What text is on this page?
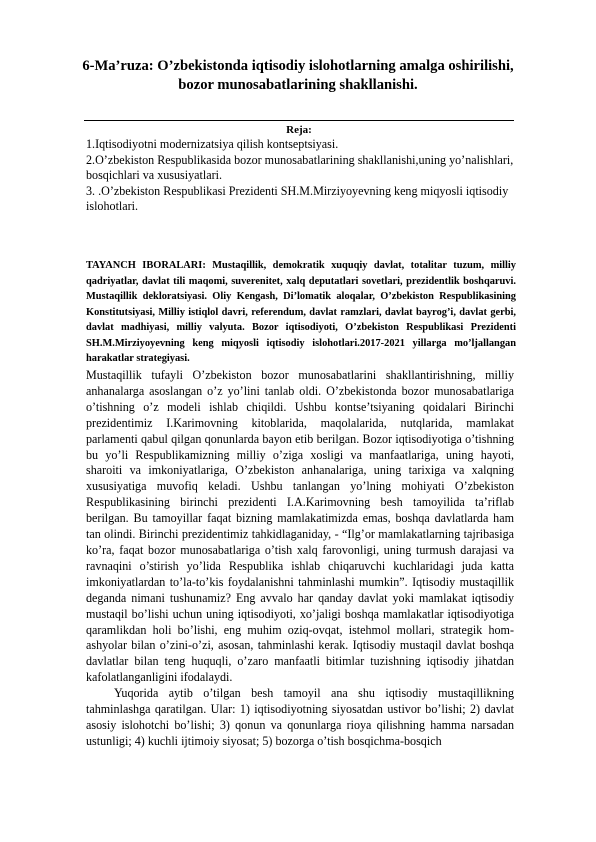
6-Ma’ruza: O’zbekistonda iqtisodiy islohotlarning amalga oshirilishi, bozor munosabatlarining shakllanishi.
Reja:

1.Iqtisodiyotni modernizatsiya qilish kontseptsiyasi.

2.O’zbekiston Respublikasida bozor munosabatlarining shakllanishi,uning yo’nalishlari, bosqichlari va xususiyatlari.

3. .O’zbekiston Respublikasi Prezidenti SH.M.Mirziyoyevning keng miqyosli iqtisodiy islohotlari.

TAYANCH IBORALARI: Mustaqillik, demokratik xuquqiy davlat, totalitar tuzum, milliy qadriyatlar, davlat tili maqomi, suverenitet, xalq deputatlari sovetlari, prezidentlik boshqaruvi. Mustaqillik dekloratsiyasi. Oliy Kengash, Di’lomatik aloqalar, O’zbekiston Respublikasining Konstitutsiyasi, Milliy istiqlol davri, referendum, davlat ramzlari, davlat bayrog’i, davlat gerbi, davlat madhiyasi, milliy valyuta. Bozor iqtisodiyoti, O’zbekiston Respublikasi Prezidenti SH.M.Mirziyoyevning keng miqyosli iqtisodiy islohotlari.2017-2021 yillarga mo’ljallangan harakatlar strategiyasi.

Mustaqillik tufayli O’zbekiston bozor munosabatlarini shakllantirishning, milliy anhanalarga asoslangan o’z yo’lini tanlab oldi. O’zbekistonda bozor munosabatlariga o’tishning o’z modeli ishlab chiqildi. Ushbu kontse’tsiyaning qoidalari Birinchi prezidentimiz I.Karimovning kitoblarida, maqolalarida, nutqlarida, mamlakat parlamenti qabul qilgan qonunlarda bayon etib berilgan. Bozor iqtisodiyotiga o’tishning bu yo’li Respublikamizning milliy o’ziga xosligi va manfaatlariga, uning hayoti, sharoiti va imkoniyatlariga, O’zbekiston anhanalariga, uning tarixiga va xalqning xususiyatiga muvofiq keladi. Ushbu tanlangan yo’lning mohiyati O’zbekiston Respublikasining birinchi prezidenti I.A.Karimovning besh tamoyilida ta’riflab berilgan. Bu tamoyillar faqat bizning mamlakatimizda emas, boshqa davlatlarda ham tan olindi. Birinchi prezidentimiz tahkidlaganiday, - “Ilg’or mamlakatlarning tajribasiga ko’ra, faqat bozor munosabatlariga o’tish xalq farovonligi, uning turmush darajasi va ravnaqini o’stirish yo’lida Respublika ishlab chiqaruvchi kuchlaridagi juda katta imkoniyatlardan to’la-to’kis foydalanishni tahminlashi mumkin”. Iqtisodiy mustaqillik deganda nimani tushunamiz? Eng avvalo har qanday davlat yoki mamlakat iqtisodiy mustaqil bo’lishi uchun uning iqtisodiyoti, xo’jaligi boshqa mamlakatlar iqtisodiyotiga qaramlikdan holi bo’lishi, eng muhim oziq-ovqat, istehmol mollari, strategik hom-ashyolar bilan o’zini-o’zi, asosan, tahminlashi kerak. Iqtisodiy mustaqil davlat boshqa davlatlar bilan teng huquqli, o’zaro manfaatli bitimlar tuzishning iqtisodiy jihatdan kafolatlanganligini ifodalaydi.

Yuqorida aytib o’tilgan besh tamoyil ana shu iqtisodiy mustaqillikning tahminlashga qaratilgan. Ular: 1) iqtisodiyotning siyosatdan ustivor bo’lishi; 2) davlat asosiy islohotchi bo’lishi; 3) qonun va qonunlarga rioya qilishning hamma narsadan ustunligi; 4) kuchli ijtimoiy siyosat; 5) bozorga o’tish bosqichma-bosqich
